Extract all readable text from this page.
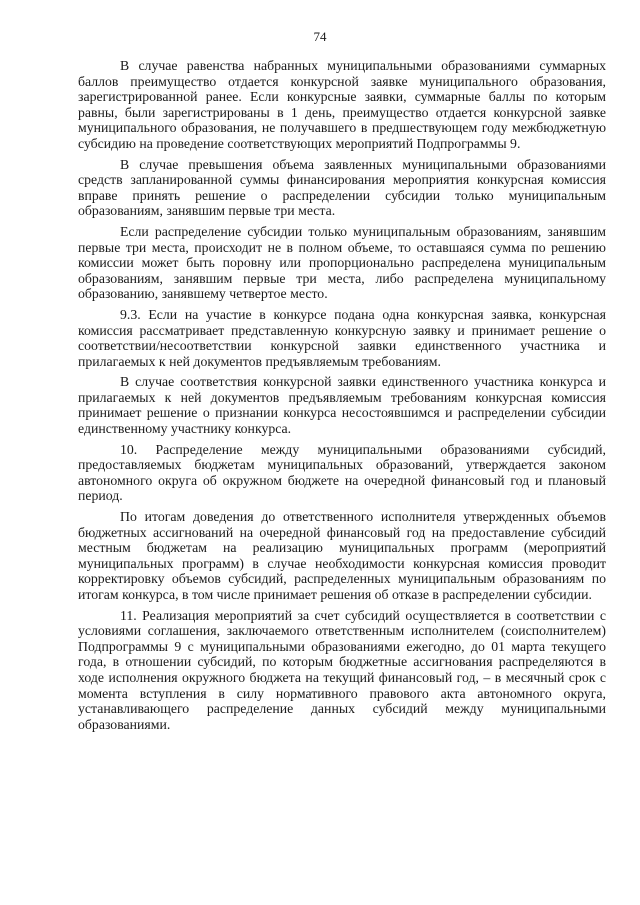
74

В случае равенства набранных муниципальными образованиями суммарных баллов преимущество отдается конкурсной заявке муниципального образования, зарегистрированной ранее. Если конкурсные заявки, суммарные баллы по которым равны, были зарегистрированы в 1 день, преимущество отдается конкурсной заявке муниципального образования, не получавшего в предшествующем году межбюджетную субсидию на проведение соответствующих мероприятий Подпрограммы 9.

В случае превышения объема заявленных муниципальными образованиями средств запланированной суммы финансирования мероприятия конкурсная комиссия вправе принять решение о распределении субсидии только муниципальным образованиям, занявшим первые три места.

Если распределение субсидии только муниципальным образованиям, занявшим первые три места, происходит не в полном объеме, то оставшаяся сумма по решению комиссии может быть поровну или пропорционально распределена муниципальным образованиям, занявшим первые три места, либо распределена муниципальному образованию, занявшему четвертое место.

9.3. Если на участие в конкурсе подана одна конкурсная заявка, конкурсная комиссия рассматривает представленную конкурсную заявку и принимает решение о соответствии/несоответствии конкурсной заявки единственного участника и прилагаемых к ней документов предъявляемым требованиям.

В случае соответствия конкурсной заявки единственного участника конкурса и прилагаемых к ней документов предъявляемым требованиям конкурсная комиссия принимает решение о признании конкурса несостоявшимся и распределении субсидии единственному участнику конкурса.

10. Распределение между муниципальными образованиями субсидий, предоставляемых бюджетам муниципальных образований, утверждается законом автономного округа об окружном бюджете на очередной финансовый год и плановый период.

По итогам доведения до ответственного исполнителя утвержденных объемов бюджетных ассигнований на очередной финансовый год на предоставление субсидий местным бюджетам на реализацию муниципальных программ (мероприятий муниципальных программ) в случае необходимости конкурсная комиссия проводит корректировку объемов субсидий, распределенных муниципальным образованиям по итогам конкурса, в том числе принимает решения об отказе в распределении субсидии.

11. Реализация мероприятий за счет субсидий осуществляется в соответствии с условиями соглашения, заключаемого ответственным исполнителем (соисполнителем) Подпрограммы 9 с муниципальными образованиями ежегодно, до 01 марта текущего года, в отношении субсидий, по которым бюджетные ассигнования распределяются в ходе исполнения окружного бюджета на текущий финансовый год, – в месячный срок с момента вступления в силу нормативного правового акта автономного округа, устанавливающего распределение данных субсидий между муниципальными образованиями.
